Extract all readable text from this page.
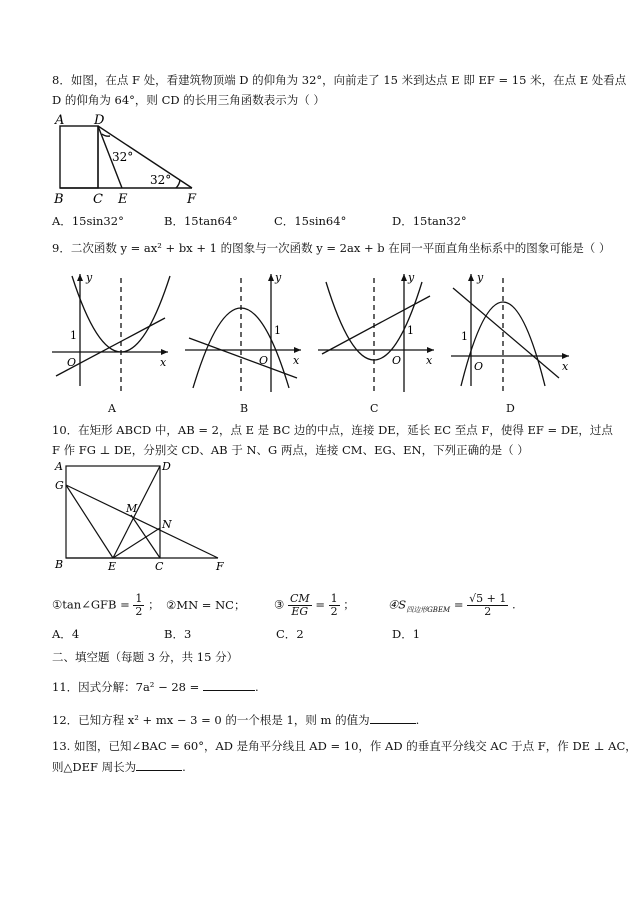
8．如图，在点 F 处，看建筑物顶端 D 的仰角为 32°，向前走了 15 米到达点 E 即 EF = 15 米，在点 E 处看点
D 的仰角为 64°，则 CD 的长用三角函数表示为（ ）
A D
B C E	F
32°
32°
A．15sin32°	B．15tan64°	C．15sin64°	D．15tan32°
9．二次函数 y = ax² + bx + 1 的图象与一次函数 y = 2ax + b 在同一平面直角坐标系中的图象可能是（ ）
y
x
O
1
A
y
x
O
1
B
y
x
O
1
C
y
x
O
1
D
10．在矩形 ABCD 中，AB = 2，点 E 是 BC 边的中点，连接 DE，延长 EC 至点 F，使得 EF = DE，过点
F 作 FG ⊥ DE，分别交 CD、AB 于 N、G 两点，连接 CM、EG、EN，下列正确的是（ ）
A	D
G
M
N
B	E	C	F
①tan∠GFB = $\frac{1}{2}$ ； ②MN = NC； ③ $\frac{CM}{EG} = \frac{1}{2}$ ；	$④S_{四边形GBEM} = \frac{√5 + 1}{2}$ .
A．4	B．3	C．2	D．1
二、填空题（每题 3 分，共 15 分）
11．因式分解：7a² − 28 =	.
12．已知方程 x² + mx − 3 = 0 的一个根是 1，则 m 的值为	.
13. 如图，已知∠BAC = 60°，AD 是角平分线且 AD = 10，作 AD 的垂直平分线交 AC 于点 F，作 DE ⊥ AC，
则△DEF 周长为	.
